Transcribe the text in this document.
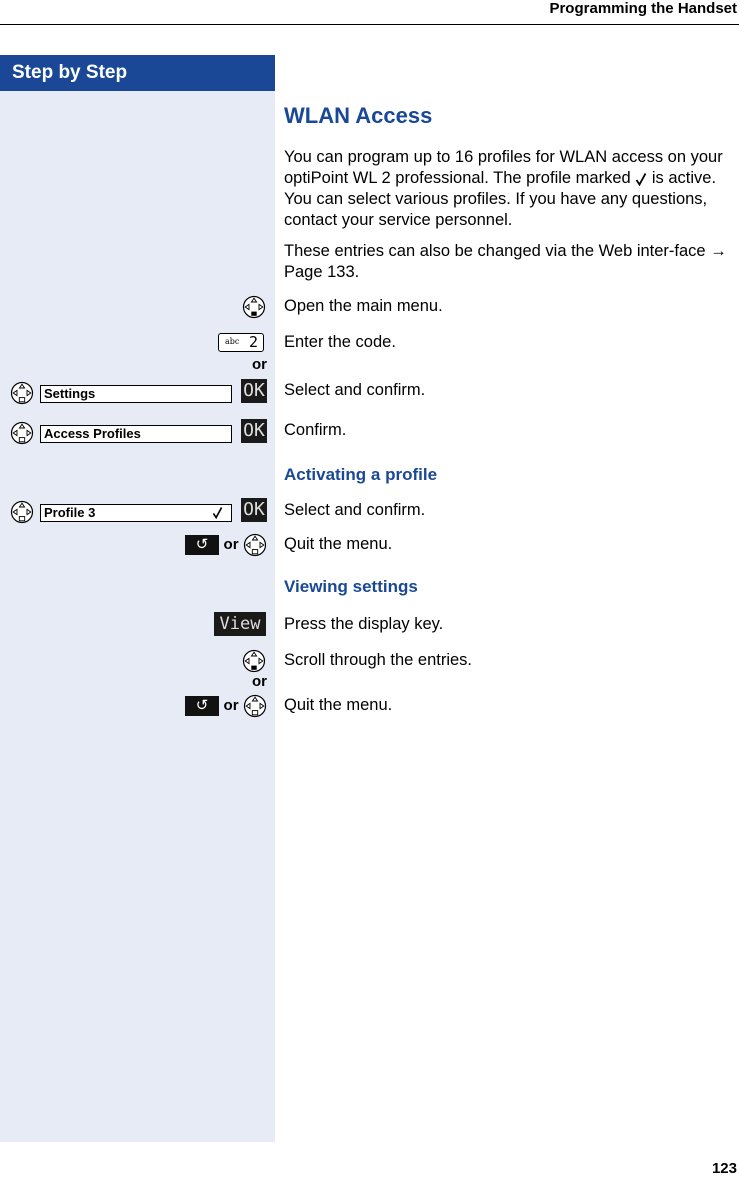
Programming the Handset
Step by Step
WLAN Access
You can program up to 16 profiles for WLAN access on your optiPoint WL 2 professional. The profile marked is active. You can select various profiles. If you have any questions, contact your service personnel.
These entries can also be changed via the Web inter-face → Page 133.
Open the main menu.
abc 2 Enter the code.
or
Settings	OK Select and confirm.
Access Profiles	OK Confirm.
Activating a profile
Profile 3	OK Select and confirm.
↺ or	Quit the menu.
Viewing settings
View	Press the display key.
Scroll through the entries.
or
↺ or	Quit the menu.
123
